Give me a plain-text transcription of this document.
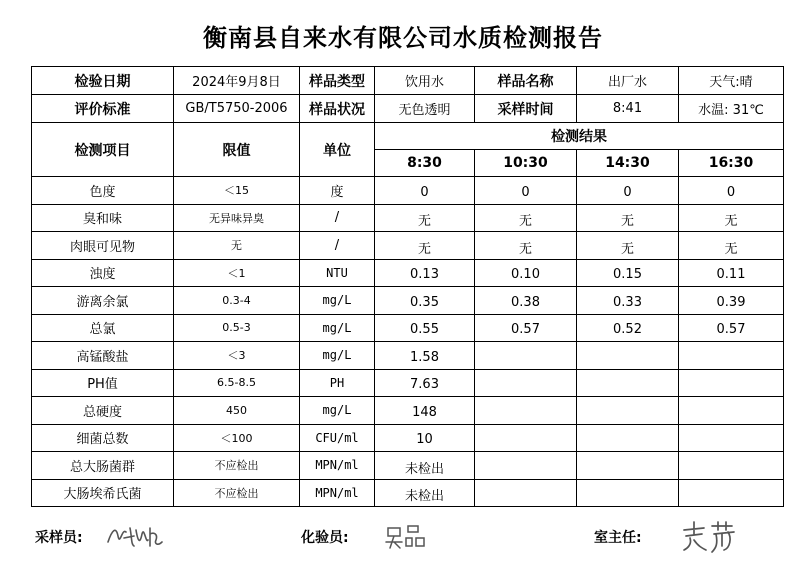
衡南县自来水有限公司水质检测报告
检验日期	2024年9月8日	样品类型	饮用水	样品名称	出厂水	天气:晴
评价标准	GB/T5750-2006	样品状况	无色透明	采样时间	8:41	水温: 31℃
检测项目	限值	单位	检测结果			
			8:30	10:30	14:30	16:30
色度	＜15	度	0	0	0	0
臭和味	无异味异臭	/	无	无	无	无
肉眼可见物	无	/	无	无	无	无
浊度	＜1	NTU	0.13	0.10	0.15	0.11
游离余氯	0.3-4	mg/L	0.35	0.38	0.33	0.39
总氯	0.5-3	mg/L	0.55	0.57	0.52	0.57
高锰酸盐	＜3	mg/L	1.58			
PH值	6.5-8.5	PH	7.63			
总硬度	450	mg/L	148			
细菌总数	＜100	CFU/ml	10			
总大肠菌群	不应检出	MPN/ml	未检出			
大肠埃希氏菌	不应检出	MPN/ml	未检出			
采样员:	化验员:	室主任:
